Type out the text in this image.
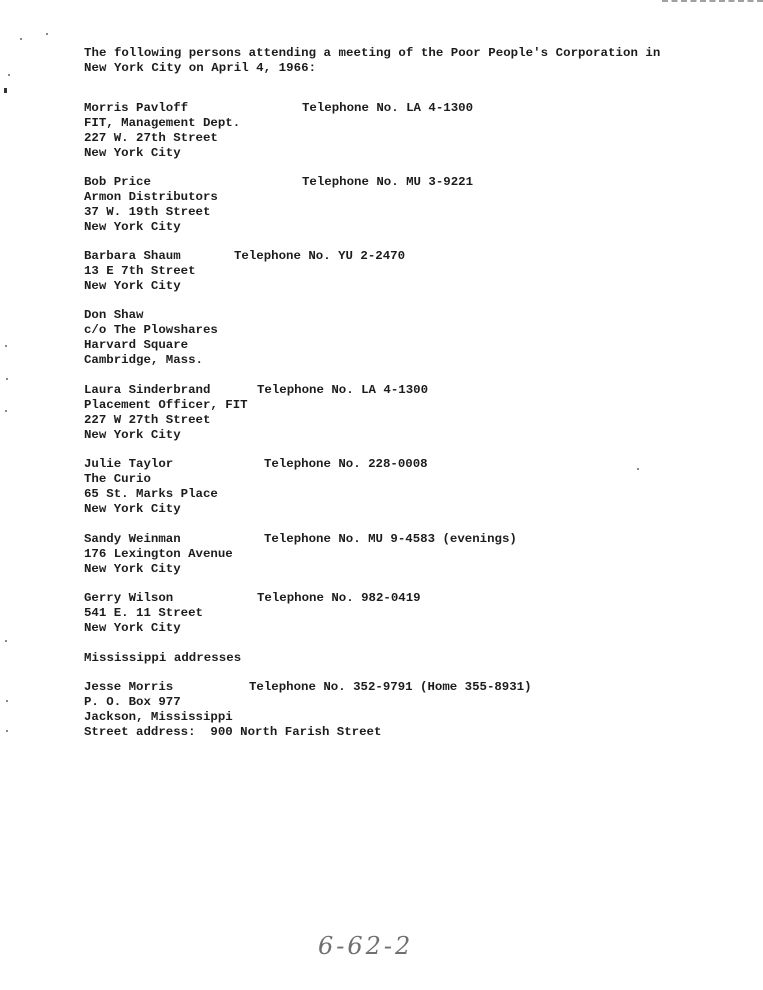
The following persons attending a meeting of the Poor People's Corporation in
New York City on April 4, 1966:
Morris Pavloff	Telephone No. LA 4-1300
FIT, Management Dept.
227 W. 27th Street
New York City
Bob Price	Telephone No. MU 3-9221
Armon Distributors
37 W. 19th Street
New York City
Barbara Shaum	Telephone No. YU 2-2470
13 E 7th Street
New York City
Don Shaw
c/o The Plowshares
Harvard Square
Cambridge, Mass.
Laura Sinderbrand	Telephone No. LA 4-1300
Placement Officer, FIT
227 W 27th Street
New York City
Julie Taylor	Telephone No. 228-0008
The Curio
65 St. Marks Place
New York City
Sandy Weinman	Telephone No. MU 9-4583 (evenings)
176 Lexington Avenue
New York City
Gerry Wilson	Telephone No. 982-0419
541 E. 11 Street
New York City
Mississippi addresses
Jesse Morris	Telephone No. 352-9791 (Home 355-8931)
P. O. Box 977
Jackson, Mississippi
Street address:  900 North Farish Street
6-62-2
